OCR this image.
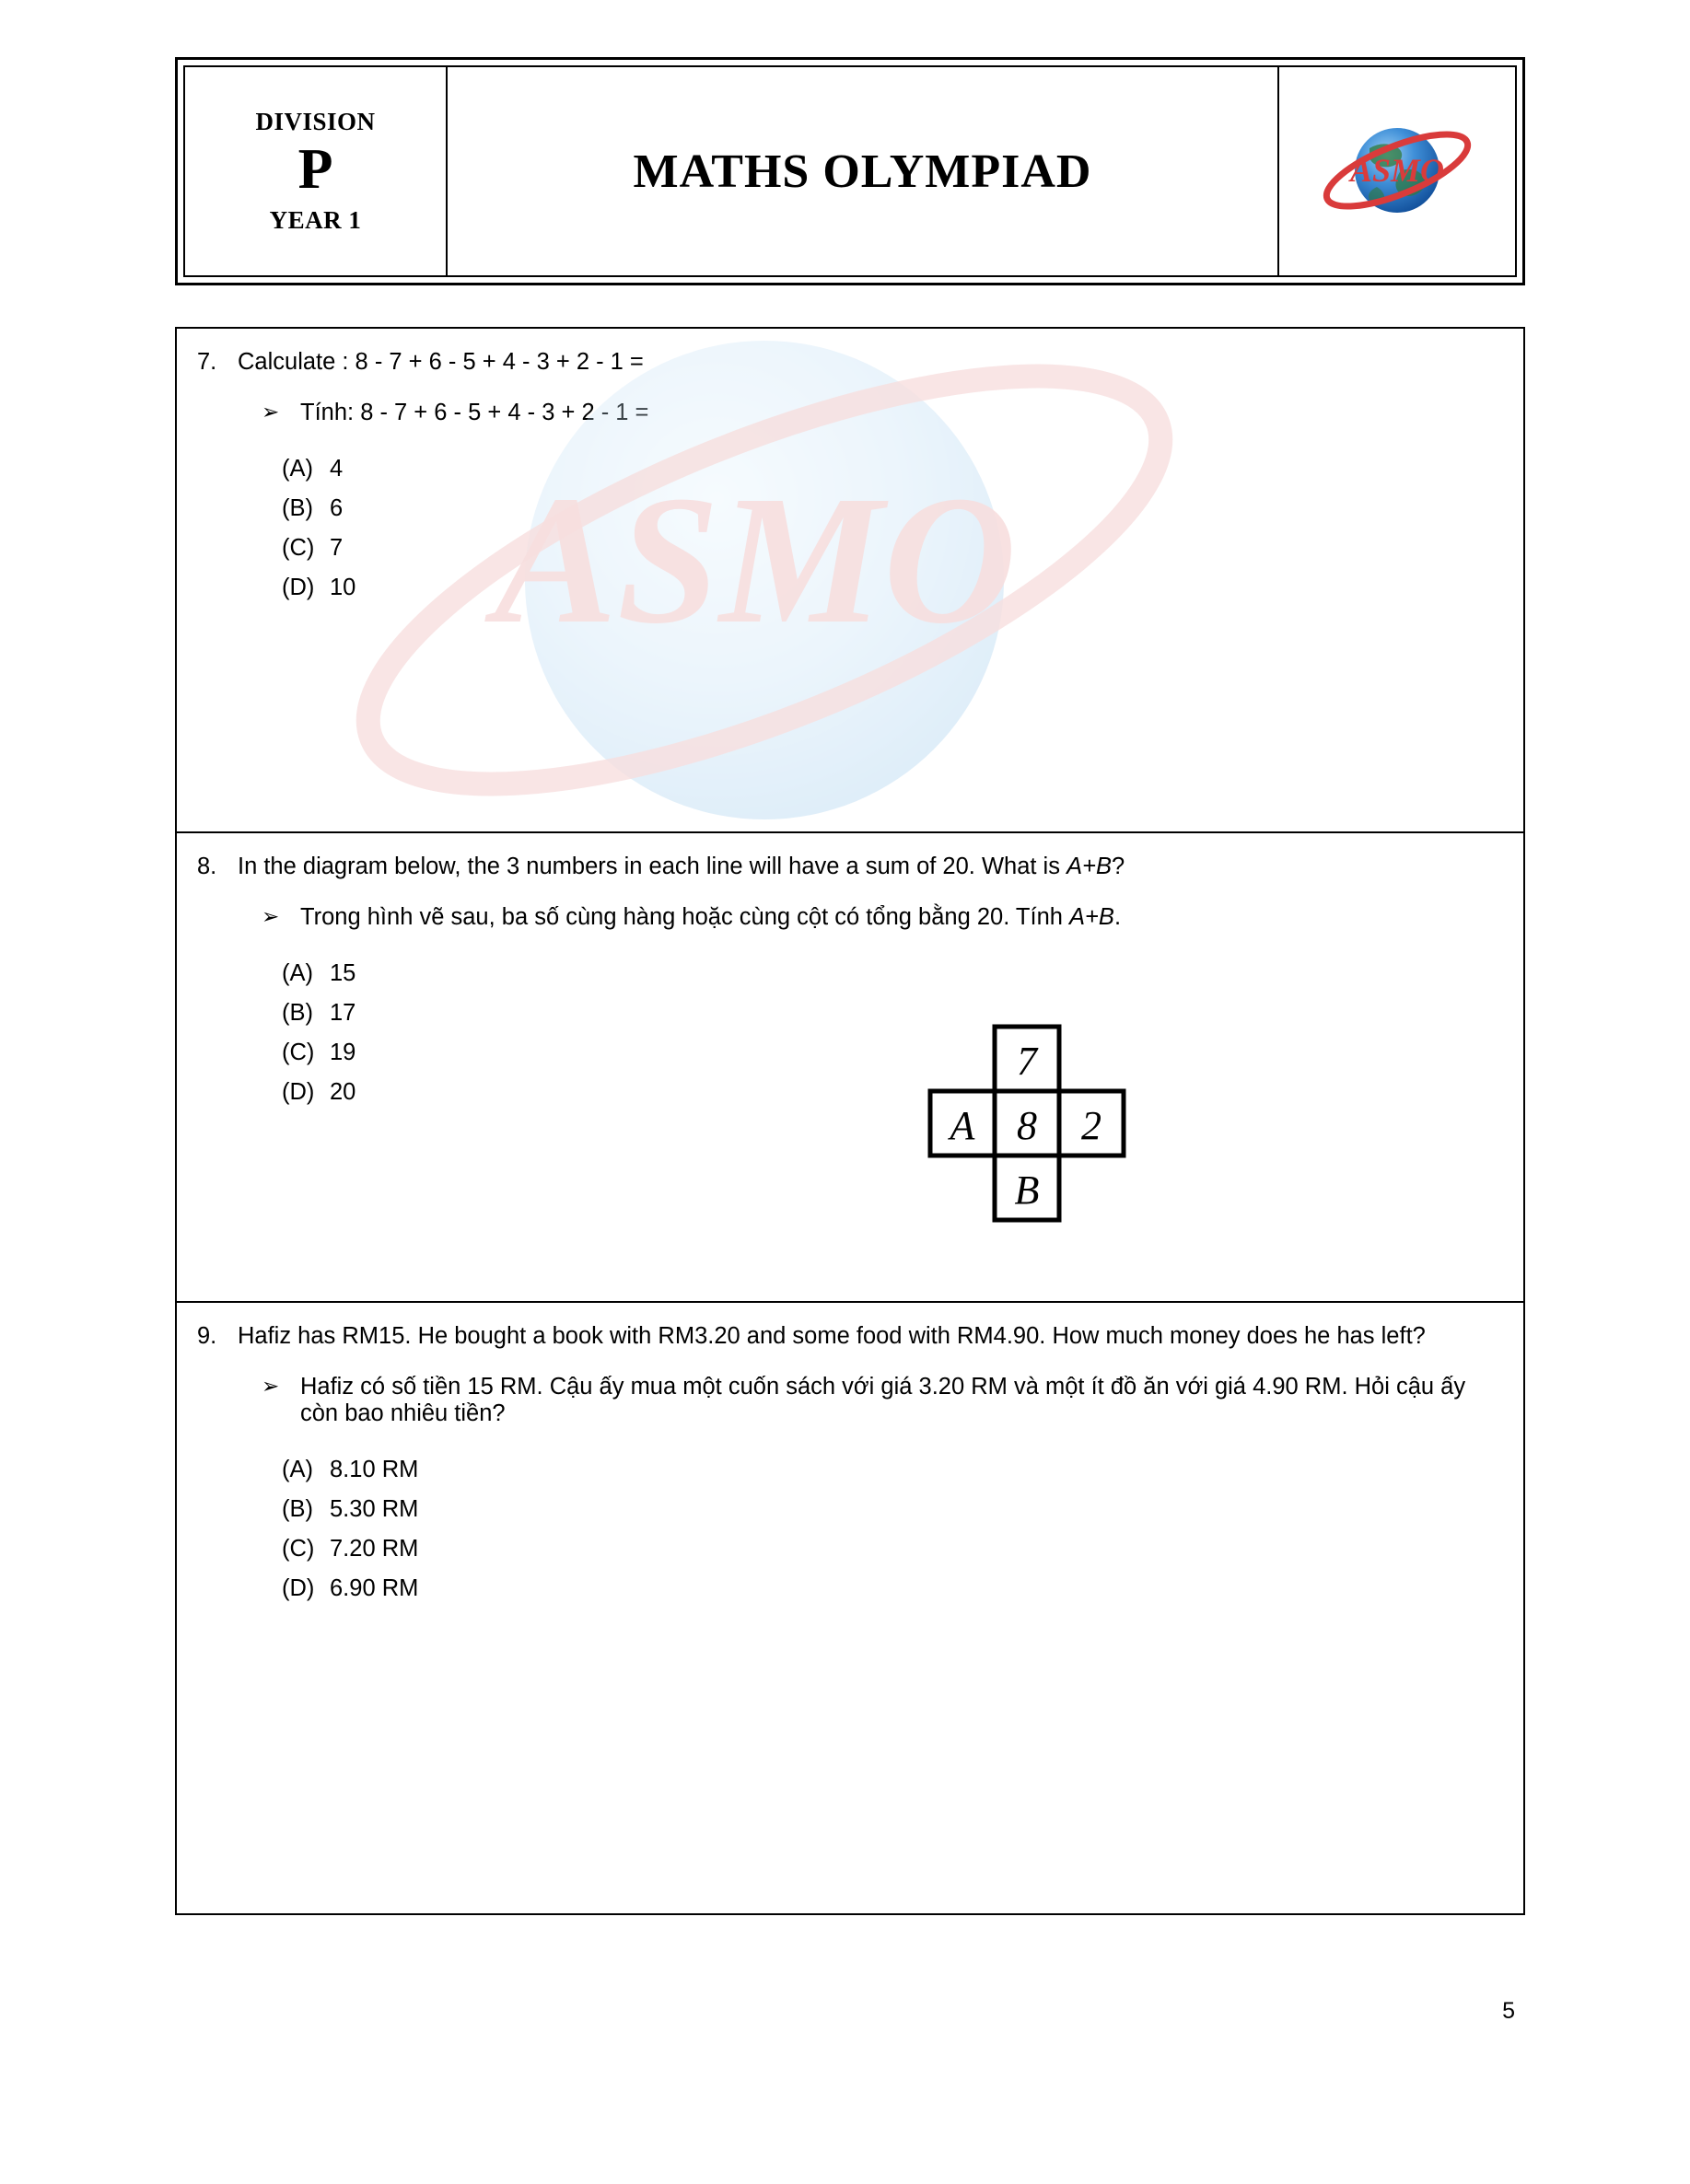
DIVISION
P
YEAR 1
MATHS OLYMPIAD	ASMO
ASMO
7. Calculate : 8 - 7 + 6 - 5 + 4 - 3 + 2 - 1 =
➢ Tính: 8 - 7 + 6 - 5 + 4 - 3 + 2 - 1 =
(A) 4
(B) 6
(C) 7
(D) 10
8. In the diagram below, the 3 numbers in each line will have a sum of 20. What is A+B?
➢ Trong hình vẽ sau, ba số cùng hàng hoặc cùng cột có tổng bằng 20. Tính A+B.
(A) 15
(B) 17
(C) 19
(D) 20
7
A 8 2
B
9. Hafiz has RM15. He bought a book with RM3.20 and some food with RM4.90. How much money does he has left?
➢ Hafiz có số tiền 15 RM. Cậu ấy mua một cuốn sách với giá 3.20 RM và một ít đồ ăn với giá 4.90 RM. Hỏi cậu ấy còn bao nhiêu tiền?
(A) 8.10 RM
(B) 5.30 RM
(C) 7.20 RM
(D) 6.90 RM
5
